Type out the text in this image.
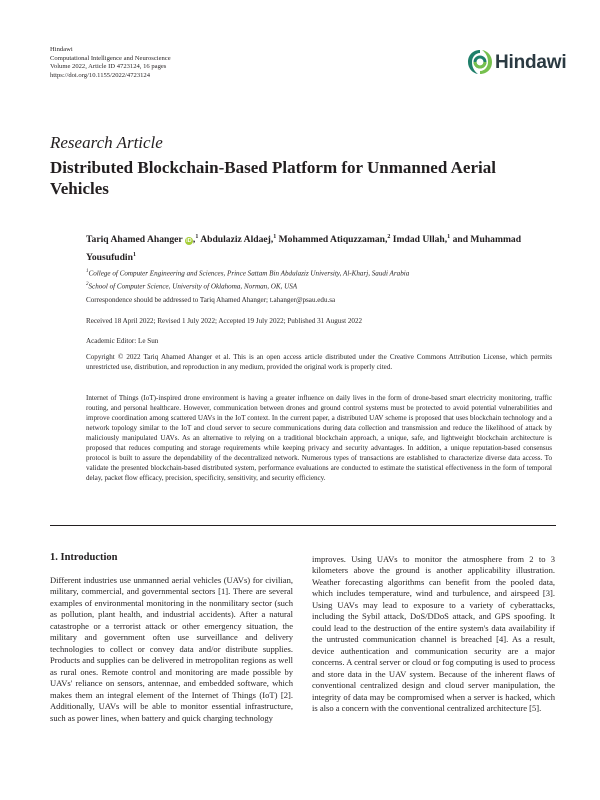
Hindawi
Computational Intelligence and Neuroscience
Volume 2022, Article ID 4723124, 16 pages
https://doi.org/10.1155/2022/4723124
Hindawi
Research Article
Distributed Blockchain-Based Platform for Unmanned Aerial Vehicles
Tariq Ahamed Ahanger iD,$^1$ Abdulaziz Aldaej,$^1$ Mohammed Atiquzzaman,$^2$ Imdad Ullah,$^1$ and Muhammad Yousufudin$^1$
$^1$College of Computer Engineering and Sciences, Prince Sattam Bin Abdulaziz University, Al-Kharj, Saudi Arabia
$^2$School of Computer Science, University of Oklahoma, Norman, OK, USA
Correspondence should be addressed to Tariq Ahamed Ahanger; t.ahanger@psau.edu.sa
Received 18 April 2022; Revised 1 July 2022; Accepted 19 July 2022; Published 31 August 2022
Academic Editor: Le Sun
Copyright © 2022 Tariq Ahamed Ahanger et al. This is an open access article distributed under the Creative Commons Attribution License, which permits unrestricted use, distribution, and reproduction in any medium, provided the original work is properly cited.
Internet of Things (IoT)-inspired drone environment is having a greater influence on daily lives in the form of drone-based smart electricity monitoring, traffic routing, and personal healthcare. However, communication between drones and ground control systems must be protected to avoid potential vulnerabilities and improve coordination among scattered UAVs in the IoT context. In the current paper, a distributed UAV scheme is proposed that uses blockchain technology and a network topology similar to the IoT and cloud server to secure communications during data collection and transmission and reduce the likelihood of attack by maliciously manipulated UAVs. As an alternative to relying on a traditional blockchain approach, a unique, safe, and lightweight blockchain architecture is proposed that reduces computing and storage requirements while keeping privacy and security advantages. In addition, a unique reputation-based consensus protocol is built to assure the dependability of the decentralized network. Numerous types of transactions are established to characterize diverse data access. To validate the presented blockchain-based distributed system, performance evaluations are conducted to estimate the statistical effectiveness in the form of temporal delay, packet flow efficacy, precision, specificity, sensitivity, and security efficiency.
1. Introduction

Different industries use unmanned aerial vehicles (UAVs) for civilian, military, commercial, and governmental sectors [1]. There are several examples of environmental monitoring in the nonmilitary sector (such as pollution, plant health, and industrial accidents). After a natural catastrophe or a terrorist attack or other emergency situation, the military and government often use surveillance and delivery technologies to collect or convey data and/or distribute supplies. Products and supplies can be delivered in metropolitan regions as well as rural ones. Remote control and monitoring are made possible by UAVs' reliance on sensors, antennae, and embedded software, which makes them an integral element of the Internet of Things (IoT) [2]. Additionally, UAVs will be able to monitor essential infrastructure, such as power lines, when battery and quick charging technology

improves. Using UAVs to monitor the atmosphere from 2 to 3 kilometers above the ground is another applicability illustration. Weather forecasting algorithms can benefit from the pooled data, which includes temperature, wind and turbulence, and airspeed [3]. Using UAVs may lead to exposure to a variety of cyberattacks, including the Sybil attack, DoS/DDoS attack, and GPS spoofing. It could lead to the destruction of the entire system's data availability if the untrusted communication channel is breached [4]. As a result, device authentication and communication security are a major concerns. A central server or cloud or fog computing is used to process and store data in the UAV system. Because of the inherent flaws of conventional centralized design and cloud server manipulation, the integrity of data may be compromised when a server is hacked, which is also a concern with the conventional centralized architecture [5].
